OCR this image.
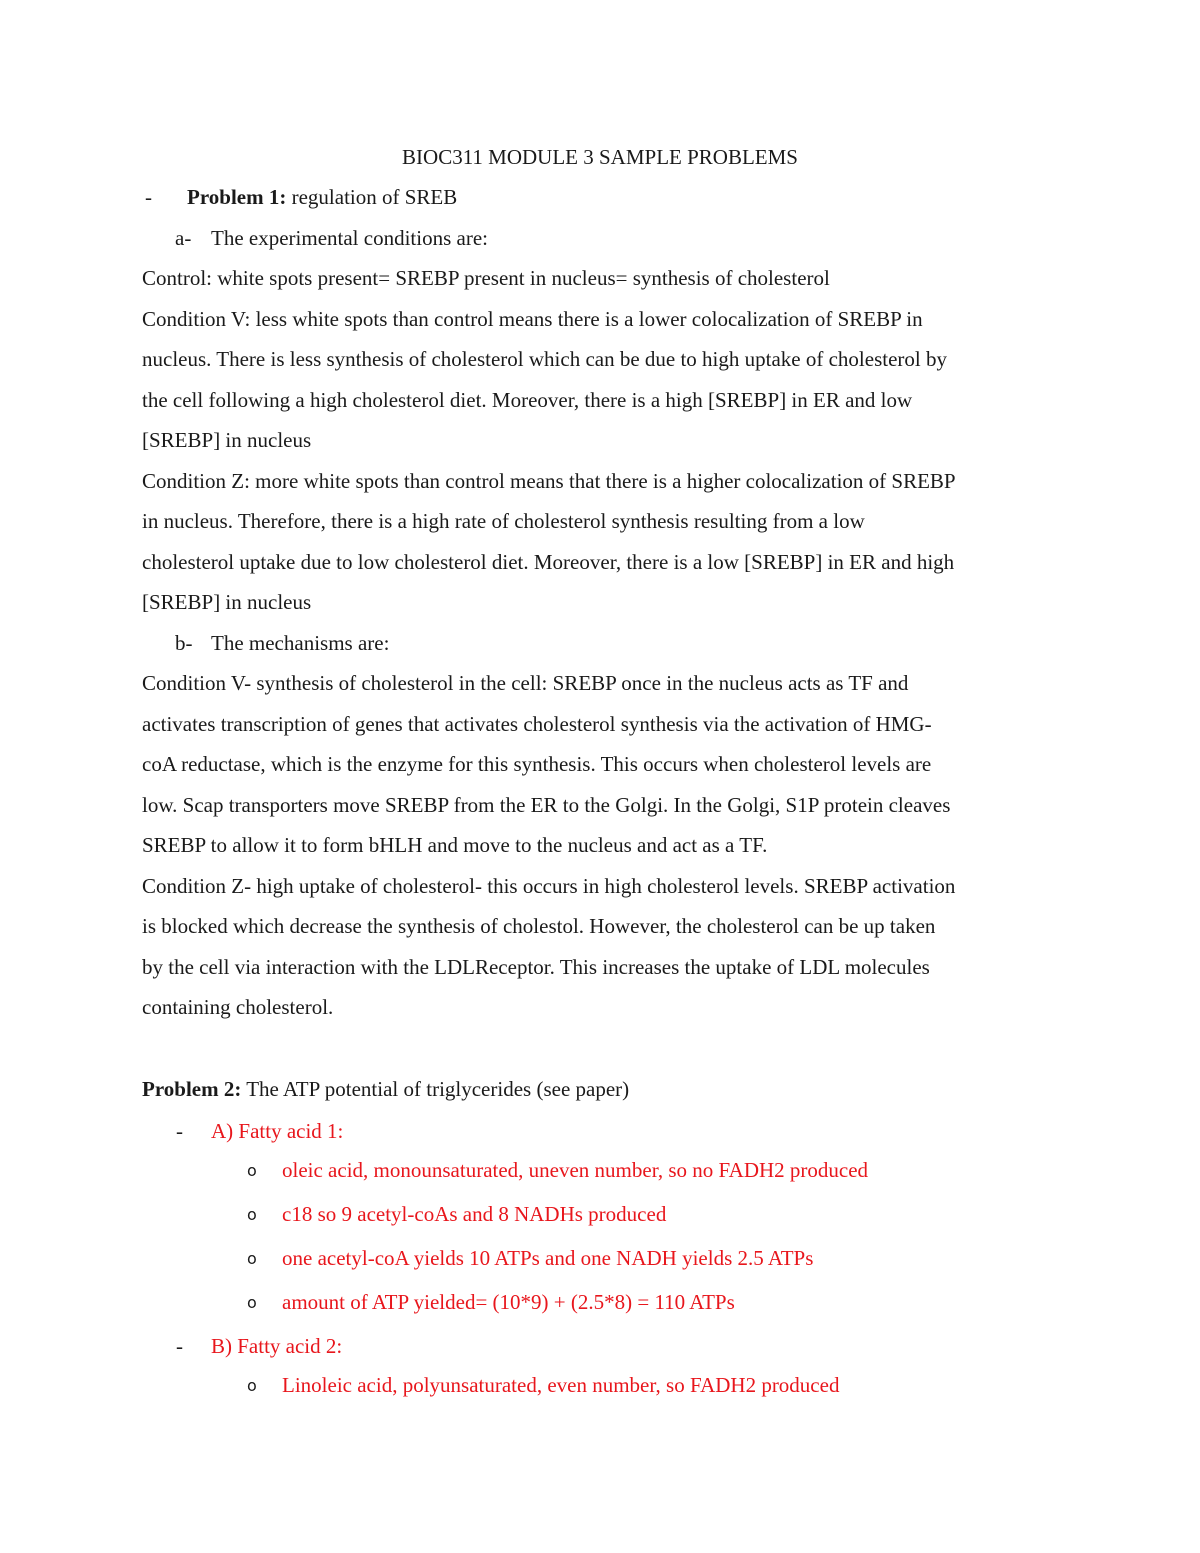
BIOC311 MODULE 3 SAMPLE PROBLEMS
- Problem 1: regulation of SREB
a- The experimental conditions are:
Control: white spots present= SREBP present in nucleus= synthesis of cholesterol
Condition V: less white spots than control means there is a lower colocalization of SREBP in
nucleus. There is less synthesis of cholesterol which can be due to high uptake of cholesterol by
the cell following a high cholesterol diet. Moreover, there is a high [SREBP] in ER and low
[SREBP] in nucleus
Condition Z: more white spots than control means that there is a higher colocalization of SREBP
in nucleus. Therefore, there is a high rate of cholesterol synthesis resulting from a low
cholesterol uptake due to low cholesterol diet. Moreover, there is a low [SREBP] in ER and high
[SREBP] in nucleus
b- The mechanisms are:
Condition V- synthesis of cholesterol in the cell: SREBP once in the nucleus acts as TF and
activates transcription of genes that activates cholesterol synthesis via the activation of HMG-
coA reductase, which is the enzyme for this synthesis. This occurs when cholesterol levels are
low. Scap transporters move SREBP from the ER to the Golgi. In the Golgi, S1P protein cleaves
SREBP to allow it to form bHLH and move to the nucleus and act as a TF.
Condition Z- high uptake of cholesterol- this occurs in high cholesterol levels. SREBP activation
is blocked which decrease the synthesis of cholestol. However, the cholesterol can be up taken
by the cell via interaction with the LDLReceptor. This increases the uptake of LDL molecules
containing cholesterol.
Problem 2: The ATP potential of triglycerides (see paper)
- A) Fatty acid 1:
o oleic acid, monounsaturated, uneven number, so no FADH2 produced
o c18 so 9 acetyl-coAs and 8 NADHs produced
o one acetyl-coA yields 10 ATPs and one NADH yields 2.5 ATPs
o amount of ATP yielded= (10*9) + (2.5*8) = 110 ATPs
- B) Fatty acid 2:
o Linoleic acid, polyunsaturated, even number, so FADH2 produced
